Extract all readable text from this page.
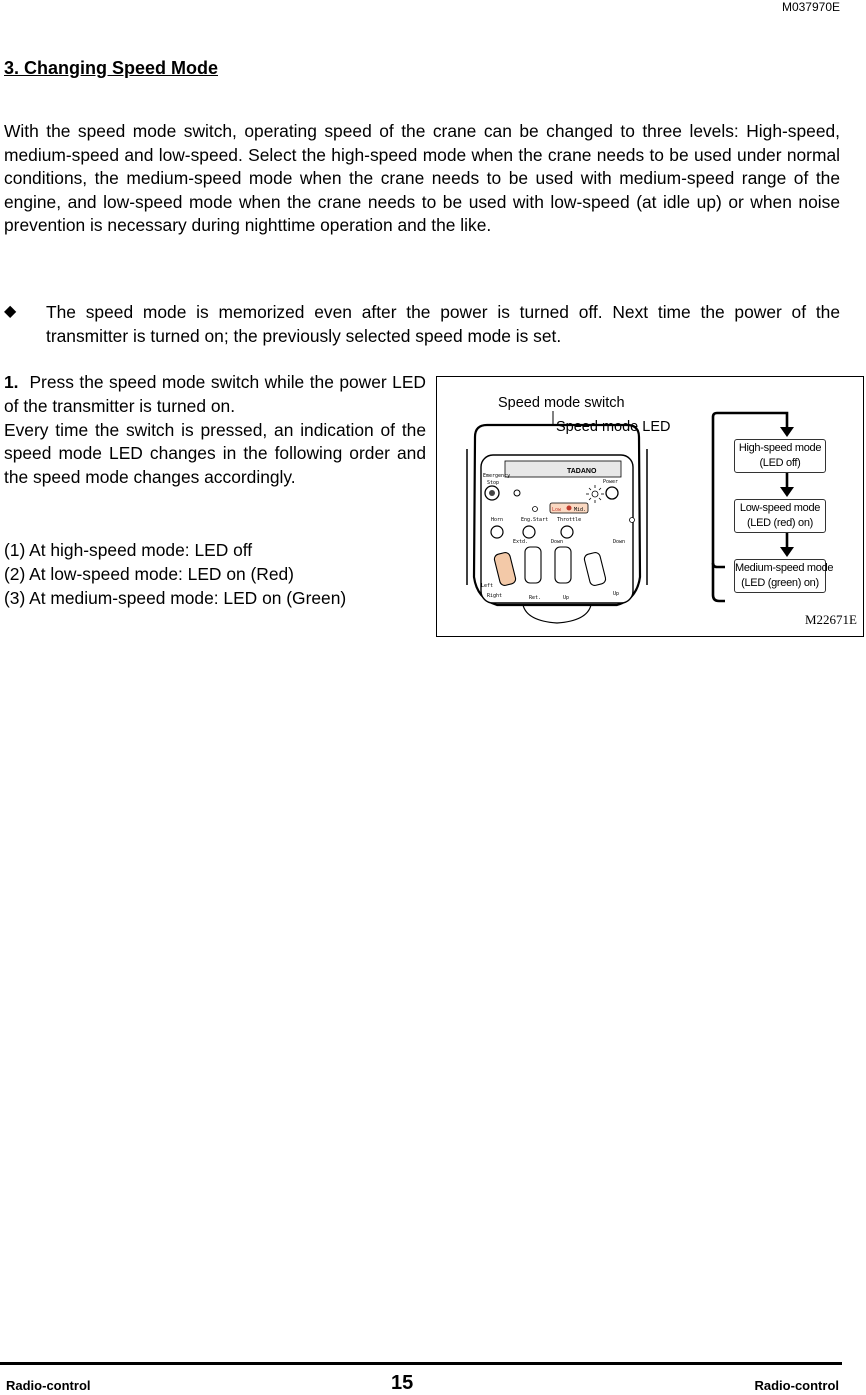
M037970E
3. Changing Speed Mode

With the speed mode switch, operating speed of the crane can be changed to three levels: High-speed, medium-speed and low-speed. Select the high-speed mode when the crane needs to be used under normal conditions, the medium-speed mode when the crane needs to be used with medium-speed range of the engine, and low-speed mode when the crane needs to be used with low-speed (at idle up) or when noise prevention is necessary during nighttime operation and the like.

◆ The speed mode is memorized even after the power is turned off. Next time the power of the transmitter is turned on; the previously selected speed mode is set.

1. Press the speed mode switch while the power LED of the transmitter is turned on.

Every time the switch is pressed, an indication of the speed mode LED changes in the following order and the speed mode changes accordingly.

(1) At high-speed mode: LED off
(2) At low-speed mode: LED on (Red)
(3) At medium-speed mode: LED on (Green)
TADANO
Emergency
Stop	Power
Low	Mid.
Horn	Eng.Start Throttle
Extd.	Down	Down
Left
Right	Ret.	Up
Up
Speed mode switch
Speed mode LED
High-speed mode
(LED off)
Low-speed mode
(LED (red) on)
Medium-speed mode
(LED (green) on)
M22671E
Radio-control	15	Radio-control
